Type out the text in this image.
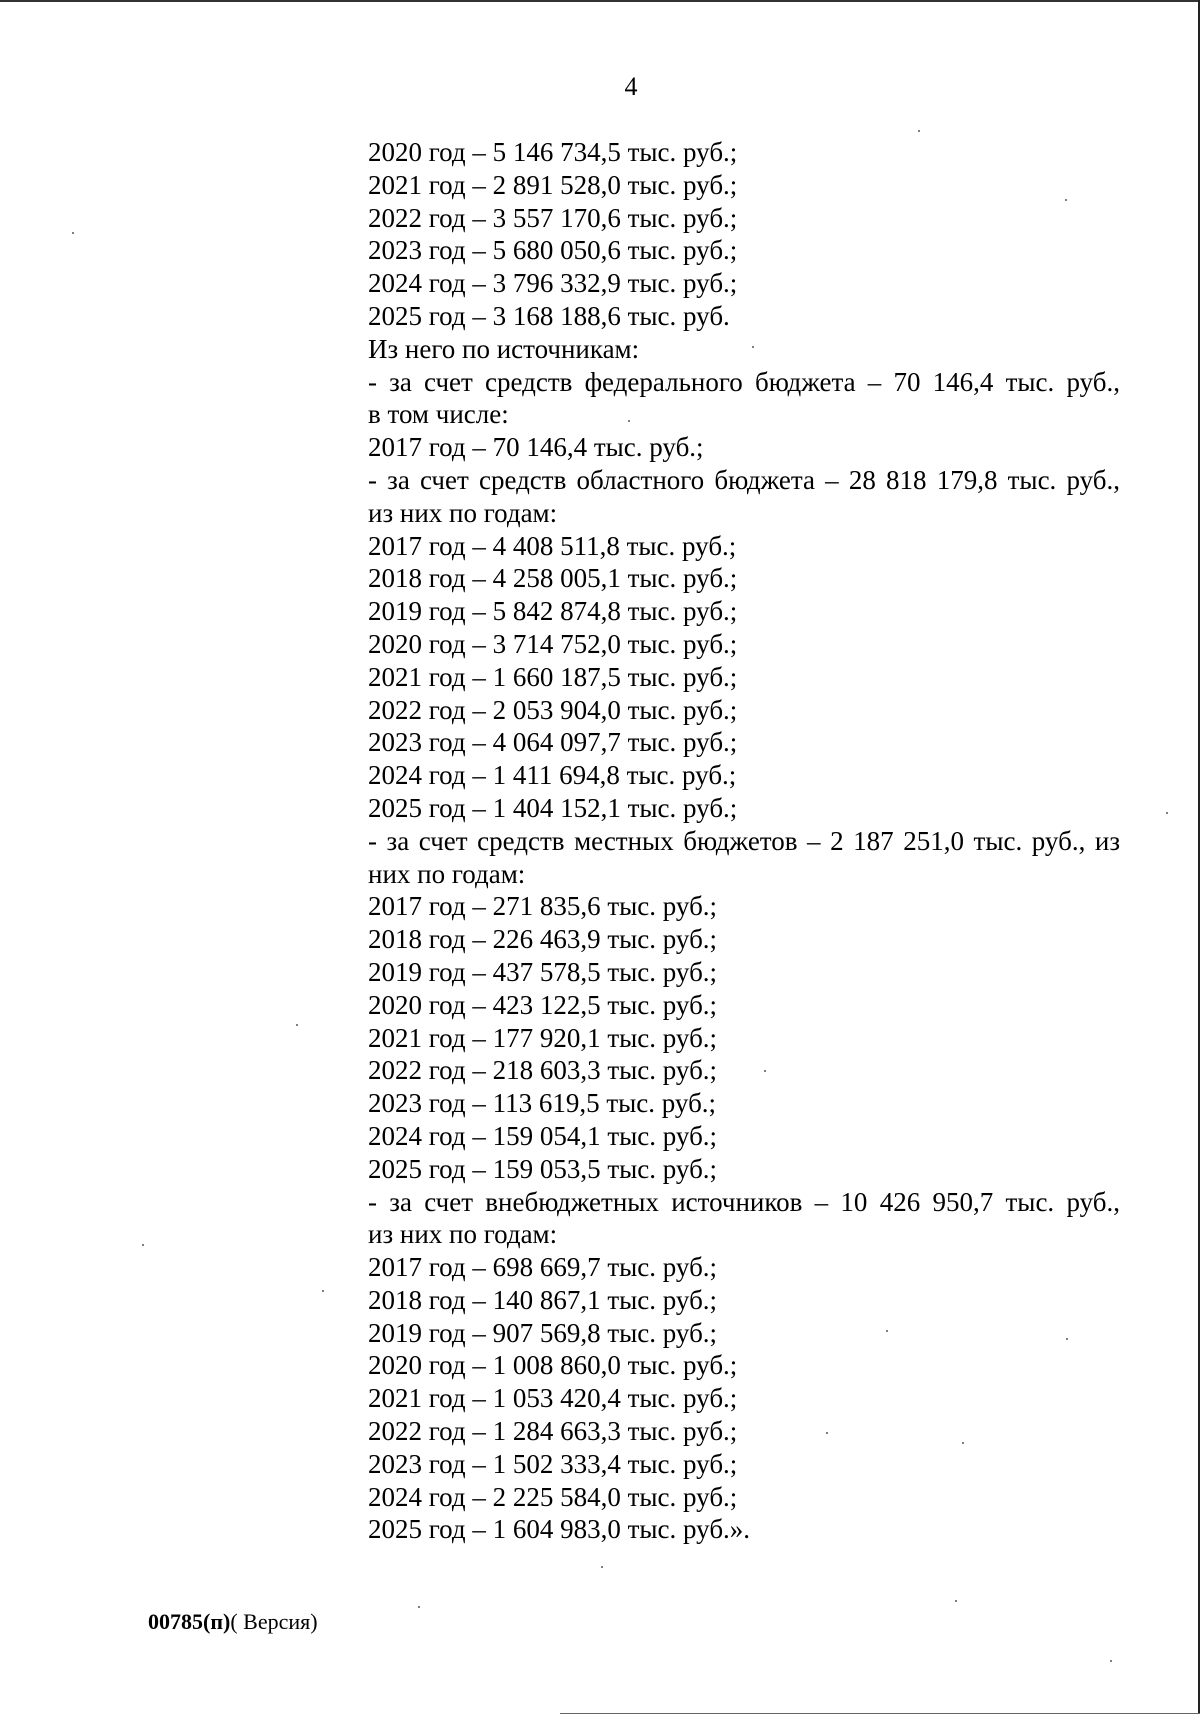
4
2020 год – 5 146 734,5 тыс. руб.;
2021 год – 2 891 528,0 тыс. руб.;
2022 год – 3 557 170,6 тыс. руб.;
2023 год – 5 680 050,6 тыс. руб.;
2024 год – 3 796 332,9 тыс. руб.;
2025 год – 3 168 188,6 тыс. руб.
Из него по источникам:
- за счет средств федерального бюджета – 70 146,4 тыс. руб.,
в том числе:
2017 год – 70 146,4 тыс. руб.;
- за счет средств областного бюджета – 28 818 179,8 тыс. руб.,
из них по годам:
2017 год – 4 408 511,8 тыс. руб.;
2018 год – 4 258 005,1 тыс. руб.;
2019 год – 5 842 874,8 тыс. руб.;
2020 год – 3 714 752,0 тыс. руб.;
2021 год – 1 660 187,5 тыс. руб.;
2022 год – 2 053 904,0 тыс. руб.;
2023 год – 4 064 097,7 тыс. руб.;
2024 год – 1 411 694,8 тыс. руб.;
2025 год – 1 404 152,1 тыс. руб.;
- за счет средств местных бюджетов – 2 187 251,0 тыс. руб., из
них по годам:
2017 год – 271 835,6 тыс. руб.;
2018 год – 226 463,9 тыс. руб.;
2019 год – 437 578,5 тыс. руб.;
2020 год – 423 122,5 тыс. руб.;
2021 год – 177 920,1 тыс. руб.;
2022 год – 218 603,3 тыс. руб.;
2023 год – 113 619,5 тыс. руб.;
2024 год – 159 054,1 тыс. руб.;
2025 год – 159 053,5 тыс. руб.;
- за счет внебюджетных источников – 10 426 950,7 тыс. руб.,
из них по годам:
2017 год – 698 669,7 тыс. руб.;
2018 год – 140 867,1 тыс. руб.;
2019 год – 907 569,8 тыс. руб.;
2020 год – 1 008 860,0 тыс. руб.;
2021 год – 1 053 420,4 тыс. руб.;
2022 год – 1 284 663,3 тыс. руб.;
2023 год – 1 502 333,4 тыс. руб.;
2024 год – 2 225 584,0 тыс. руб.;
2025 год – 1 604 983,0 тыс. руб.».
00785(п)( Версия)
